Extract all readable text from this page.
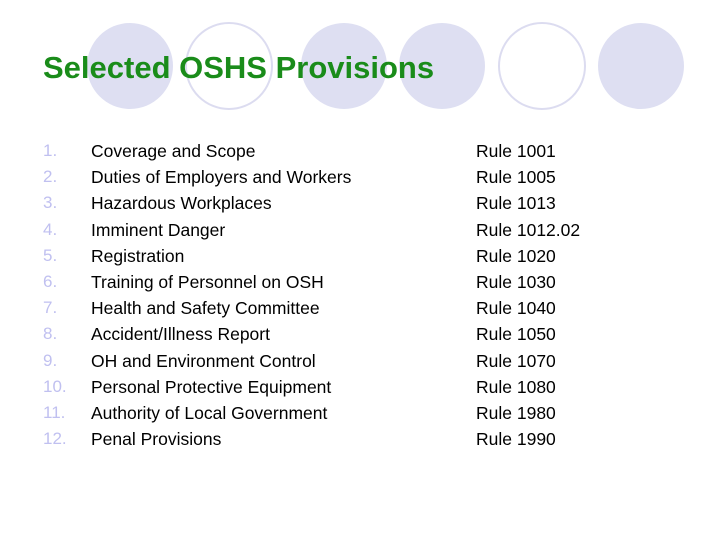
Selected OSHS Provisions
1. Coverage and Scope	Rule 1001
2. Duties of Employers and Workers	Rule 1005
3. Hazardous Workplaces	Rule 1013
4. Imminent Danger	Rule 1012.02
5. Registration	Rule 1020
6. Training of Personnel on OSH	Rule 1030
7. Health and Safety Committee	Rule 1040
8. Accident/Illness Report	Rule 1050
9. OH and Environment Control	Rule 1070
10. Personal Protective Equipment	Rule 1080
11. Authority of Local Government	Rule 1980
12. Penal Provisions	Rule 1990
